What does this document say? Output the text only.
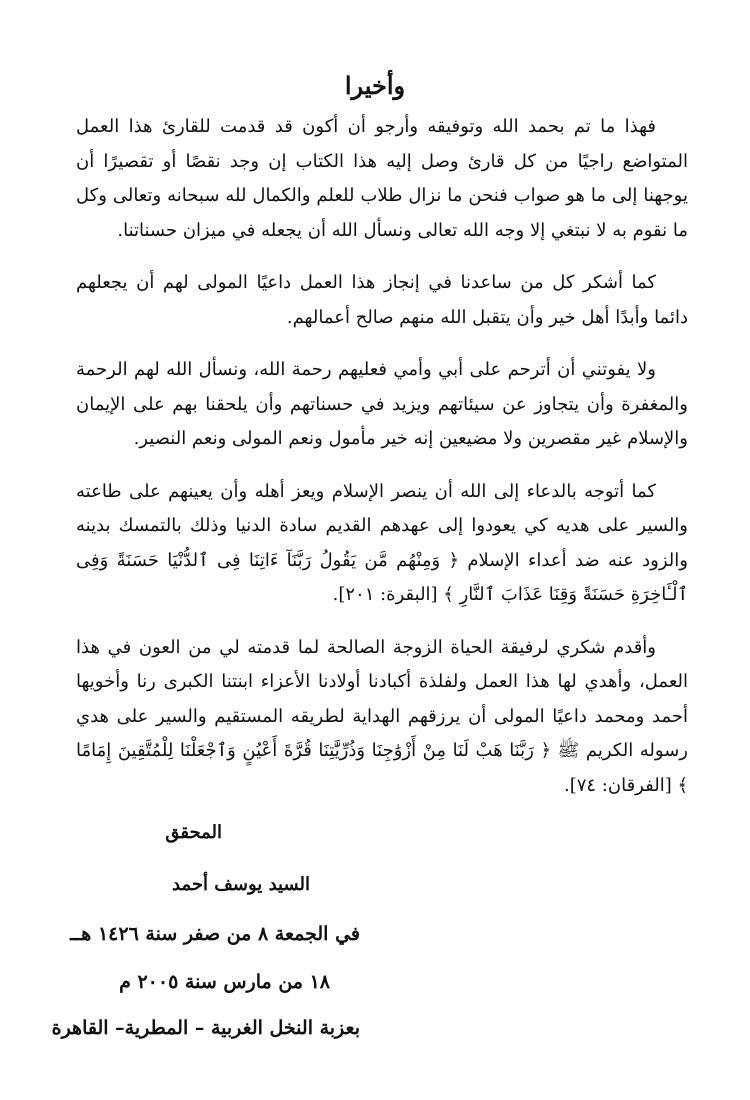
وأخيرا

فهذا ما تم بحمد الله وتوفيقه وأرجو أن أكون قد قدمت للقارئ هذا العمل المتواضع راجيًا من كل قارئ وصل إليه هذا الكتاب إن وجد نقصًا أو تقصيرًا أن يوجهنا إلى ما هو صواب فنحن ما نزال طلاب للعلم والكمال لله سبحانه وتعالى وكل ما نقوم به لا نبتغي إلا وجه الله تعالى ونسأل الله أن يجعله في ميزان حسناتنا.

كما أشكر كل من ساعدنا في إنجاز هذا العمل داعيًا المولى لهم أن يجعلهم دائما وأبدًا أهل خير وأن يتقبل الله منهم صالح أعمالهم.

ولا يفوتني أن أترحم على أبي وأمي فعليهم رحمة الله، ونسأل الله لهم الرحمة والمغفرة وأن يتجاوز عن سيئاتهم ويزيد في حسناتهم وأن يلحقنا بهم على الإيمان والإسلام غير مقصرين ولا مضيعين إنه خير مأمول ونعم المولى ونعم النصير.

كما أتوجه بالدعاء إلى الله أن ينصر الإسلام ويعز أهله وأن يعينهم على طاعته والسير على هديه كي يعودوا إلى عهدهم القديم سادة الدنيا وذلك بالتمسك بدينه والزود عنه ضد أعداء الإسلام ﴿ وَمِنْهُم مَّن يَقُولُ رَبَّنَآ ءَاتِنَا فِى ٱلدُّنْيَا حَسَنَةً وَفِى ٱلْـَٔاخِرَةِ حَسَنَةً وَقِنَا عَذَابَ ٱلنَّارِ ﴾ [البقرة: ٢٠١].

وأقدم شكري لرفيقة الحياة الزوجة الصالحة لما قدمته لي من العون في هذا العمل، وأهدي لها هذا العمل ولفلذة أكبادنا أولادنا الأعزاء ابنتنا الكبرى رنا وأخويها أحمد ومحمد داعيًا المولى أن يرزقهم الهداية لطريقه المستقيم والسير على هدي رسوله الكريم ﷺ ﴿ رَبَّنَا هَبْ لَنَا مِنْ أَزْوَٰجِنَا وَذُرِّيَّٰتِنَا قُرَّةَ أَعْيُنٍ وَٱجْعَلْنَا لِلْمُتَّقِينَ إِمَامًا ﴾ [الفرقان: ٧٤].

المحقق
السيد يوسف أحمد
في الجمعة ٨ من صفر سنة ١٤٢٦ هــ
١٨ من مارس سنة ٢٠٠٥ م
بعزبة النخل الغربية – المطرية– القاهرة
